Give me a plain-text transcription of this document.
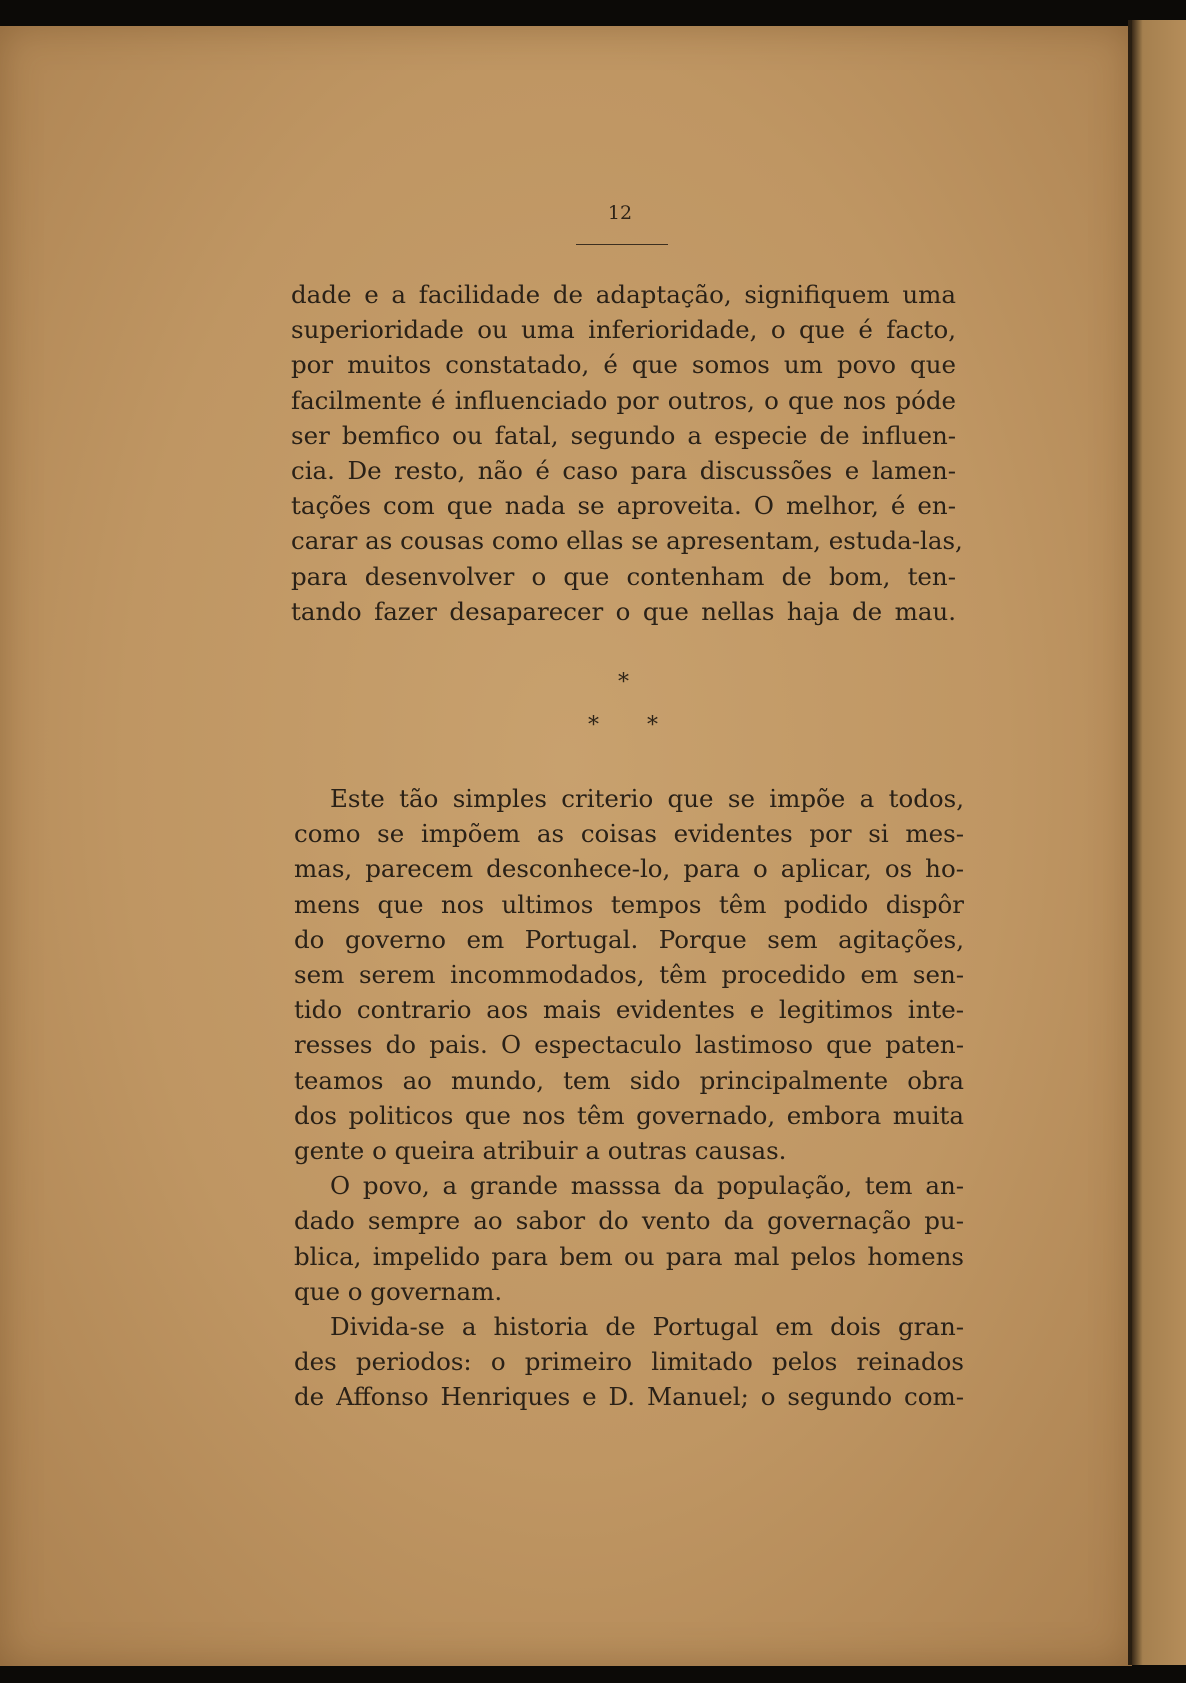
12
dade e a facilidade de adaptação, signifiquem uma
superioridade ou uma inferioridade, o que é facto,
por muitos constatado, é que somos um povo que
facilmente é influenciado por outros, o que nos póde
ser bemfico ou fatal, segundo a especie de influen-
cia. De resto, não é caso para discussões e lamen-
tações com que nada se aproveita. O melhor, é en-
carar as cousas como ellas se apresentam, estuda-las,
para desenvolver o que contenham de bom, ten-
tando fazer desaparecer o que nellas haja de mau.
*
* *
Este tão simples criterio que se impõe a todos,
como se impõem as coisas evidentes por si mes-
mas, parecem desconhece-lo, para o aplicar, os ho-
mens que nos ultimos tempos têm podido dispôr
do governo em Portugal. Porque sem agitações,
sem serem incommodados, têm procedido em sen-
tido contrario aos mais evidentes e legitimos inte-
resses do pais. O espectaculo lastimoso que paten-
teamos ao mundo, tem sido principalmente obra
dos politicos que nos têm governado, embora muita
gente o queira atribuir a outras causas.
O povo, a grande masssa da população, tem an-
dado sempre ao sabor do vento da governação pu-
blica, impelido para bem ou para mal pelos homens
que o governam.
Divida-se a historia de Portugal em dois gran-
des periodos: o primeiro limitado pelos reinados
de Affonso Henriques e D. Manuel; o segundo com-
